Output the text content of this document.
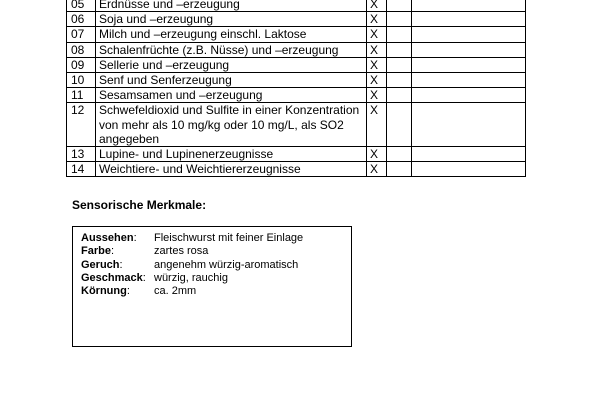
05	Erdnüsse und –erzeugung	X		
06	Soja und –erzeugung	X		
07	Milch und –erzeugung einschl. Laktose	X		
08	Schalenfrüchte (z.B. Nüsse) und –erzeugung	X		
09	Sellerie und –erzeugung	X		
10	Senf und Senferzeugung	X		
11	Sesamsamen und –erzeugung	X		
12	Schwefeldioxid und Sulfite in einer Konzentration von mehr als 10 mg/kg oder 10 mg/L, als SO2 angegeben	X		
13	Lupine- und Lupinenerzeugnisse	X		
14	Weichtiere- und Weichtiererzeugnisse	X		
Sensorische Merkmale:
Aussehen:	Fleischwurst mit feiner Einlage
Farbe:	zartes rosa
Geruch:	angenehm würzig-aromatisch
Geschmack: würzig, rauchig
Körnung:	ca. 2mm
